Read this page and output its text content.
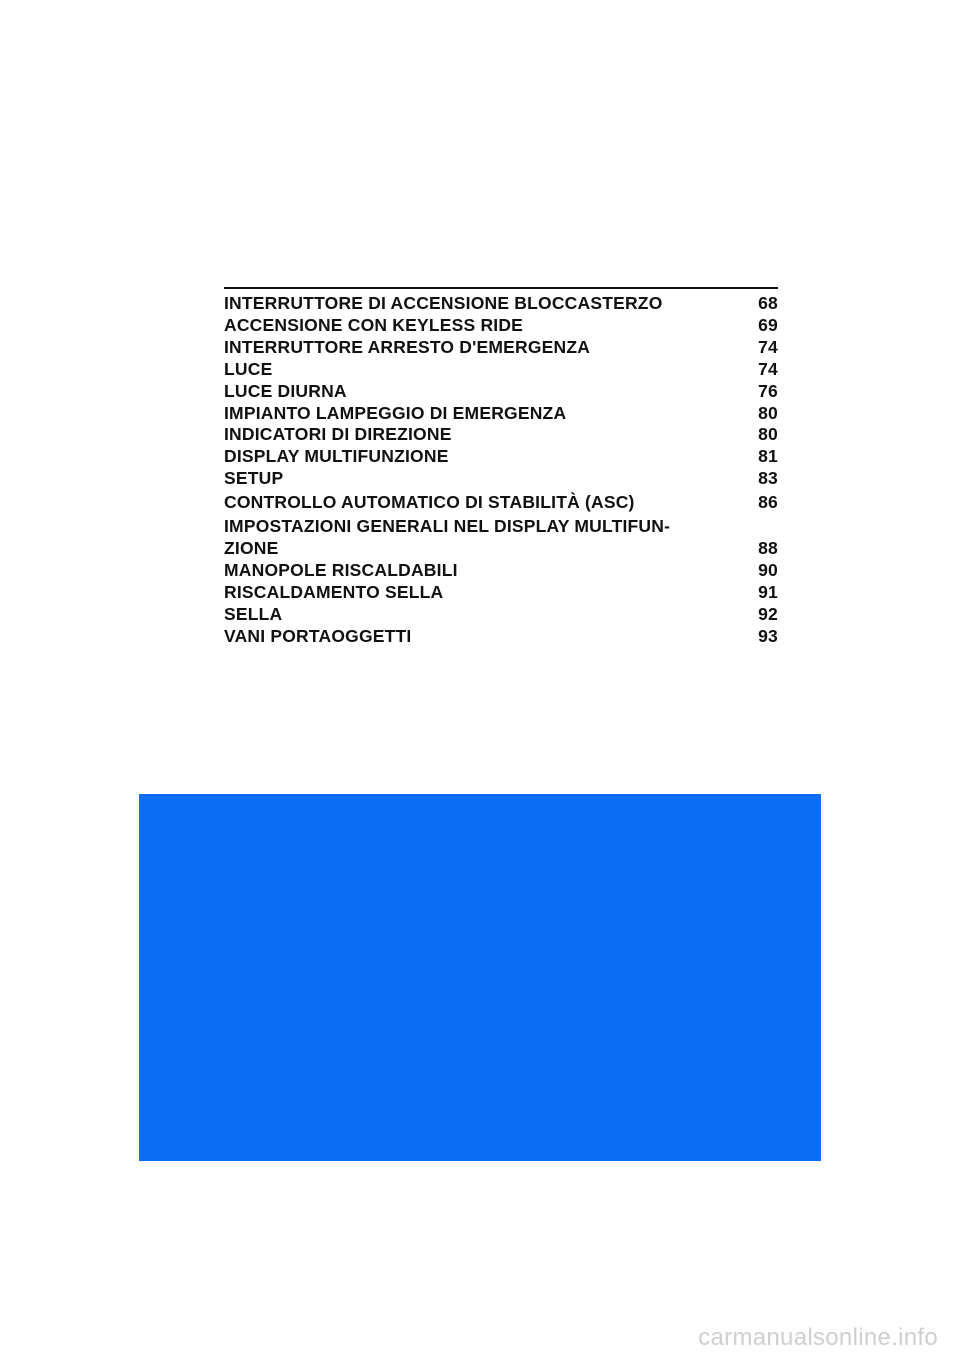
INTERRUTTORE DI ACCENSIONE BLOCCASTERZO	68
ACCENSIONE CON KEYLESS RIDE	69
INTERRUTTORE ARRESTO D'EMERGENZA	74
LUCE	74
LUCE DIURNA	76
IMPIANTO LAMPEGGIO DI EMERGENZA	80
INDICATORI DI DIREZIONE	80
DISPLAY MULTIFUNZIONE	81
SETUP	83
CONTROLLO AUTOMATICO DI STABILITÀ (ASC)	86
IMPOSTAZIONI GENERALI NEL DISPLAY MULTIFUN-
ZIONE	88
MANOPOLE RISCALDABILI	90
RISCALDAMENTO SELLA	91
SELLA	92
VANI PORTAOGGETTI	93
carmanualsonline.info
